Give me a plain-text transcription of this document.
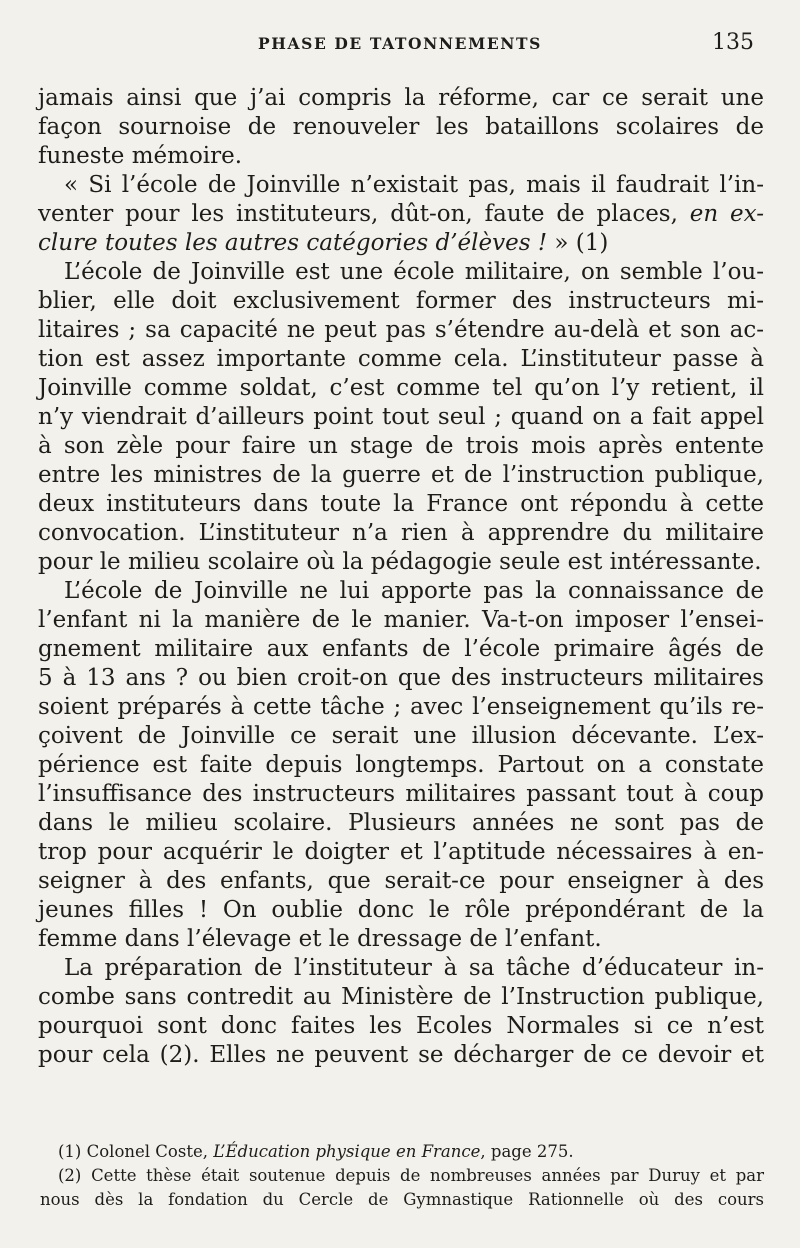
PHASE DE TATONNEMENTS	135
jamais ainsi que j’ai compris la réforme, car ce serait une
façon sournoise de renouveler les bataillons scolaires de
funeste mémoire.
« Si l’école de Joinville n’existait pas, mais il faudrait l’in-
venter pour les instituteurs, dût-on, faute de places, en ex-
clure toutes les autres catégories d’élèves ! » (1)
L’école de Joinville est une école militaire, on semble l’ou-
blier, elle doit exclusivement former des instructeurs mi-
litaires ; sa capacité ne peut pas s’étendre au-delà et son ac-
tion est assez importante comme cela. L’instituteur passe à
Joinville comme soldat, c’est comme tel qu’on l’y retient, il
n’y viendrait d’ailleurs point tout seul ; quand on a fait appel
à son zèle pour faire un stage de trois mois après entente
entre les ministres de la guerre et de l’instruction publique,
deux instituteurs dans toute la France ont répondu à cette
convocation. L’instituteur n’a rien à apprendre du militaire
pour le milieu scolaire où la pédagogie seule est intéressante.
L’école de Joinville ne lui apporte pas la connaissance de
l’enfant ni la manière de le manier. Va-t-on imposer l’ensei-
gnement militaire aux enfants de l’école primaire âgés de
5 à 13 ans ? ou bien croit-on que des instructeurs militaires
soient préparés à cette tâche ; avec l’enseignement qu’ils re-
çoivent de Joinville ce serait une illusion décevante. L’ex-
périence est faite depuis longtemps. Partout on a constate
l’insuffisance des instructeurs militaires passant tout à coup
dans le milieu scolaire. Plusieurs années ne sont pas de
trop pour acquérir le doigter et l’aptitude nécessaires à en-
seigner à des enfants, que serait-ce pour enseigner à des
jeunes filles ! On oublie donc le rôle prépondérant de la
femme dans l’élevage et le dressage de l’enfant.
La préparation de l’instituteur à sa tâche d’éducateur in-
combe sans contredit au Ministère de l’Instruction publique,
pourquoi sont donc faites les Ecoles Normales si ce n’est
pour cela (2). Elles ne peuvent se décharger de ce devoir et
(1) Colonel Coste, L’Éducation physique en France, page 275.
(2) Cette thèse était soutenue depuis de nombreuses années par Duruy et par
nous dès la fondation du Cercle de Gymnastique Rationnelle où des cours
